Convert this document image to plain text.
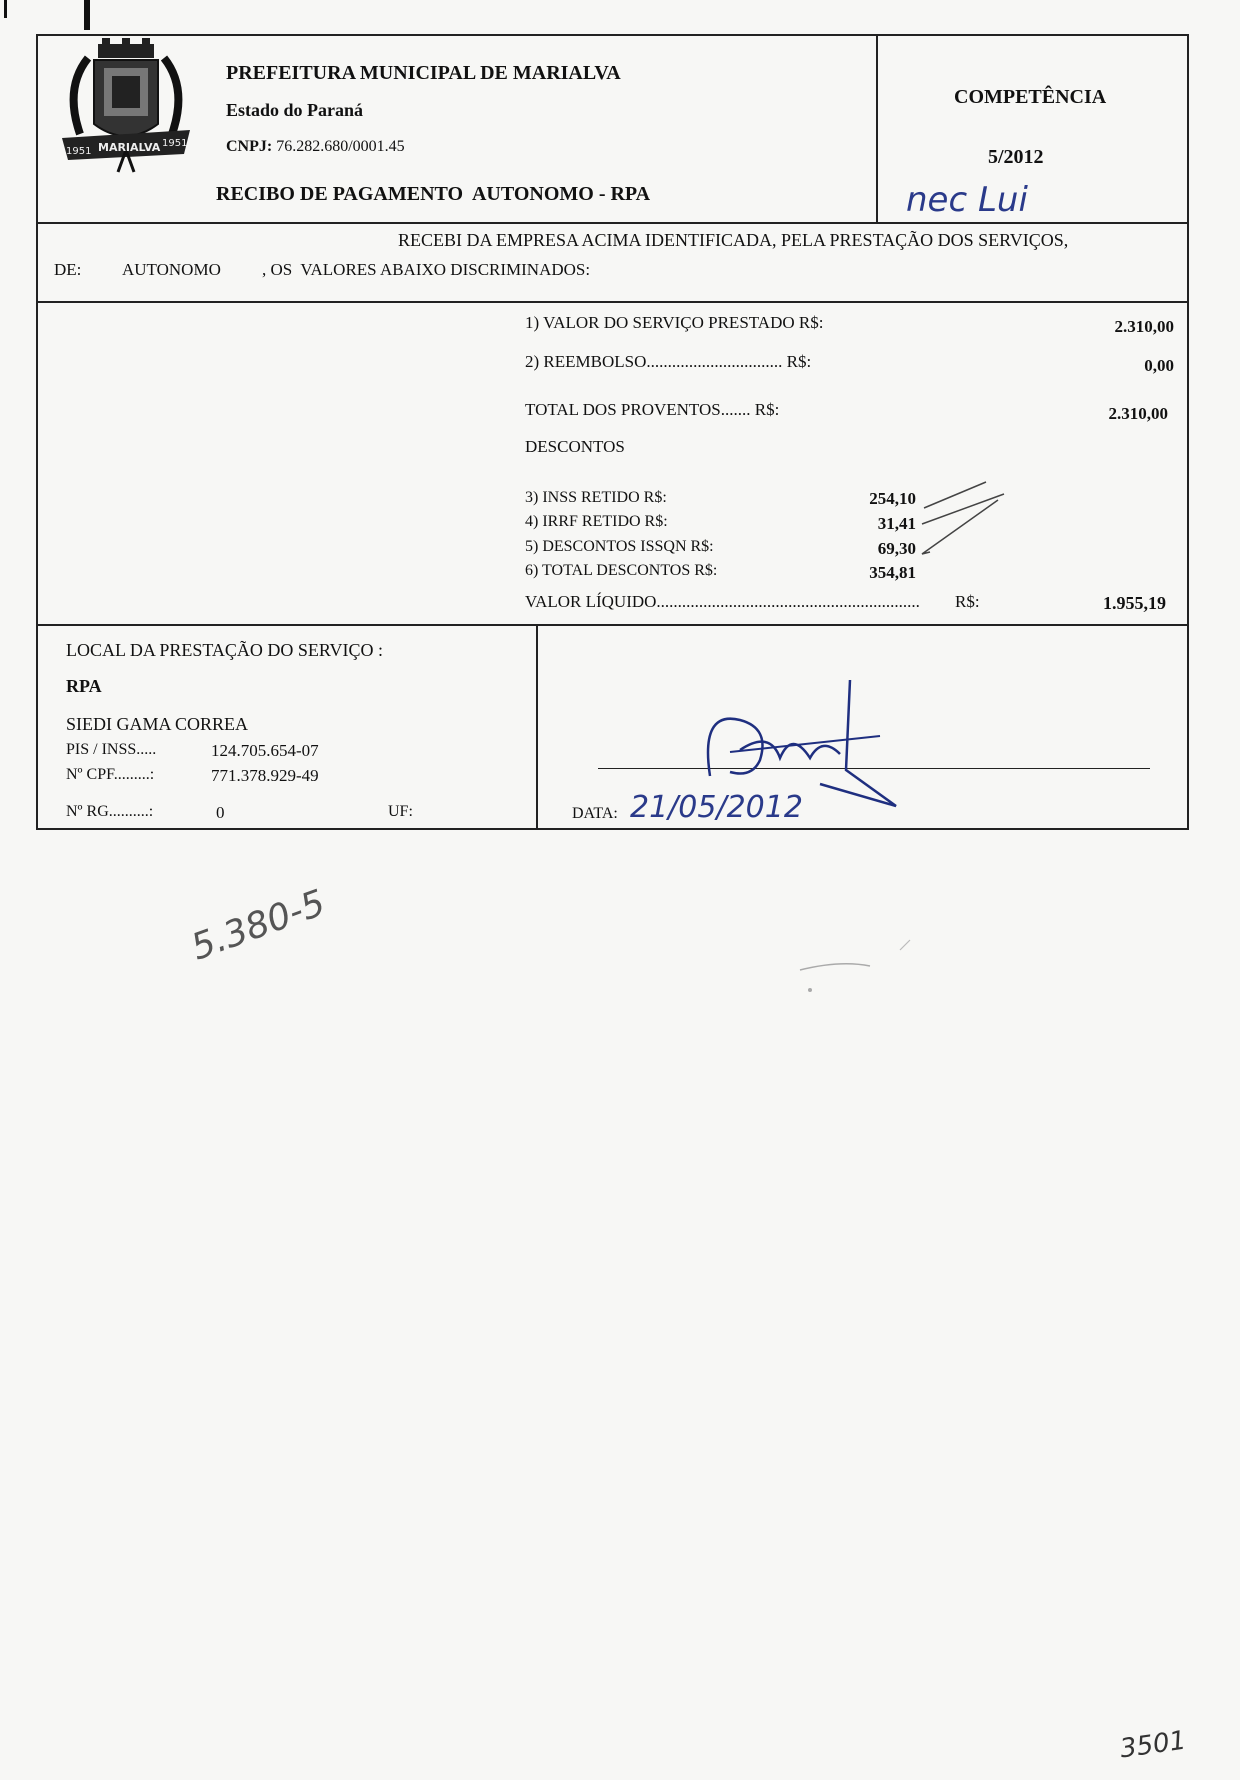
1951 MARIALVA 1951
PREFEITURA MUNICIPAL DE MARIALVA
Estado do Paraná
CNPJ: 76.282.680/0001.45
RECIBO DE PAGAMENTO  AUTONOMO - RPA
COMPETÊNCIA
5/2012
nec Lui
RECEBI DA EMPRESA ACIMA IDENTIFICADA, PELA PRESTAÇÃO DOS SERVIÇOS,
DE: AUTONOMO , OS  VALORES ABAIXO DISCRIMINADOS:
1) VALOR DO SERVIÇO PRESTADO R$:	2.310,00
2) REEMBOLSO................................ R$:	0,00
TOTAL DOS PROVENTOS....... R$:	2.310,00
DESCONTOS
3) INSS RETIDO R$:	254,10
4) IRRF RETIDO R$:	31,41
5) DESCONTOS ISSQN R$:	69,30
6) TOTAL DESCONTOS R$:	354,81
VALOR LÍQUIDO..............................................................	R$:	1.955,19
LOCAL DA PRESTAÇÃO DO SERVIÇO :
RPA
SIEDI GAMA CORREA
PIS / INSS.....	124.705.654-07
Nº CPF.........:	771.378.929-49
Nº RG..........:	0	UF:	DATA: 21/05/2012
5.380-5
3501
